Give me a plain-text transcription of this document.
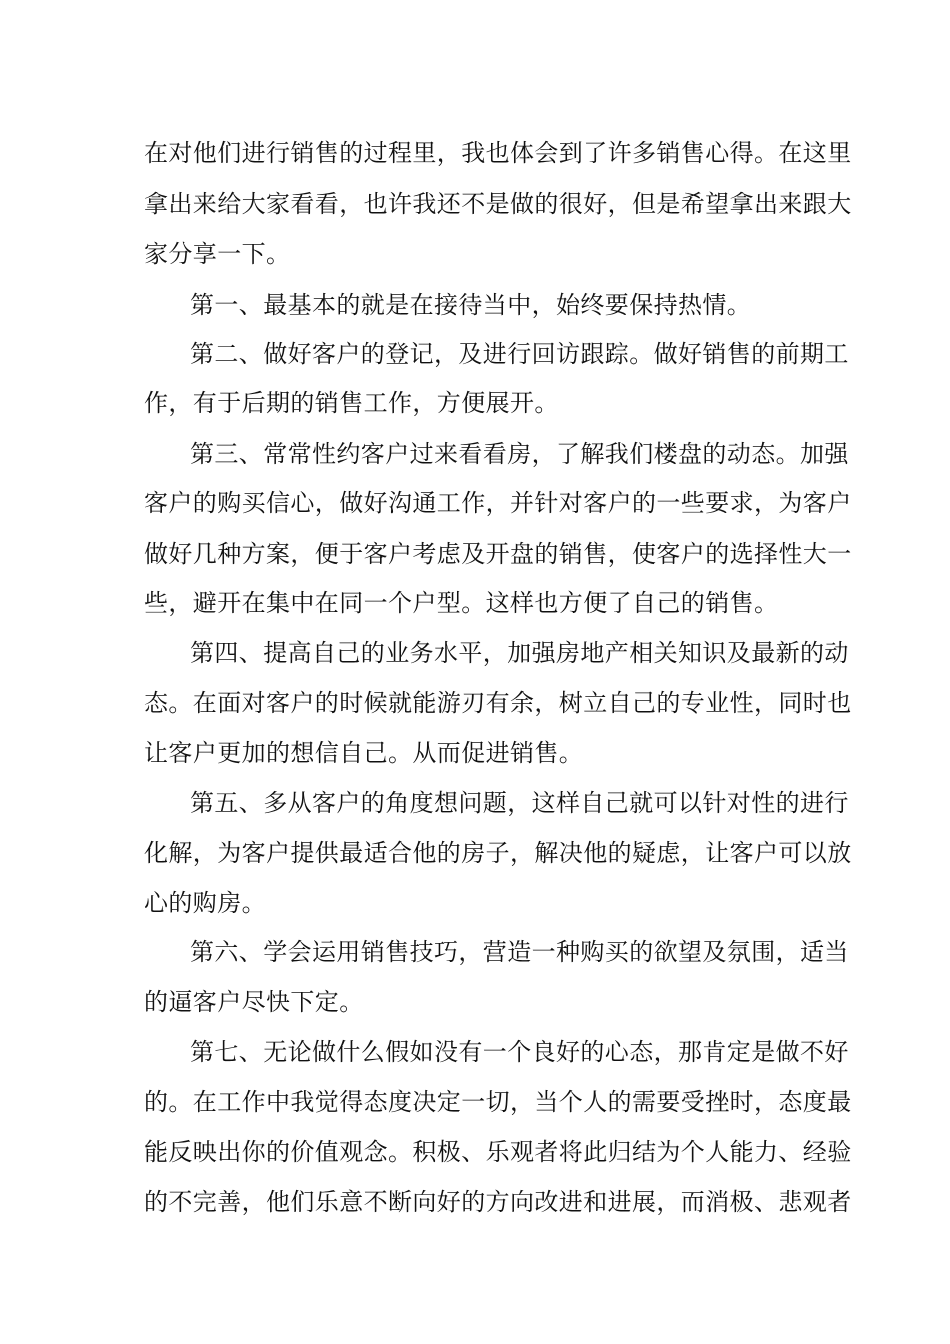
在对他们进行销售的过程里，我也体会到了许多销售心得。在这里
拿出来给大家看看，也许我还不是做的很好，但是希望拿出来跟大
家分享一下。
第一、最基本的就是在接待当中，始终要保持热情。
第二、做好客户的登记，及进行回访跟踪。做好销售的前期工
作，有于后期的销售工作，方便展开。
第三、常常性约客户过来看看房，了解我们楼盘的动态。加强
客户的购买信心，做好沟通工作，并针对客户的一些要求，为客户
做好几种方案，便于客户考虑及开盘的销售，使客户的选择性大一
些，避开在集中在同一个户型。这样也方便了自己的销售。
第四、提高自己的业务水平，加强房地产相关知识及最新的动
态。在面对客户的时候就能游刃有余，树立自己的专业性，同时也
让客户更加的想信自己。从而促进销售。
第五、多从客户的角度想问题，这样自己就可以针对性的进行
化解，为客户提供最适合他的房子，解决他的疑虑，让客户可以放
心的购房。
第六、学会运用销售技巧，营造一种购买的欲望及氛围，适当
的逼客户尽快下定。
第七、无论做什么假如没有一个良好的心态，那肯定是做不好
的。在工作中我觉得态度决定一切，当个人的需要受挫时，态度最
能反映出你的价值观念。积极、乐观者将此归结为个人能力、经验
的不完善，他们乐意不断向好的方向改进和进展，而消极、悲观者
